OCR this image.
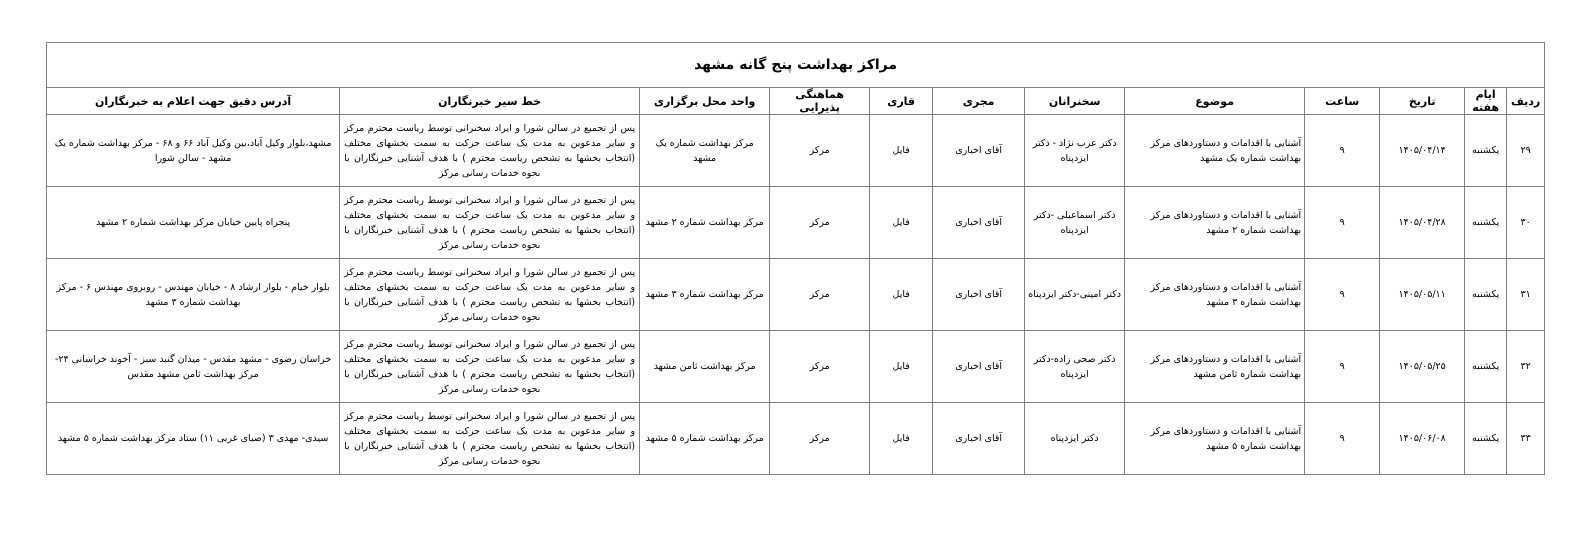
مراکز بهداشت پنج گانه مشهد											
ردیف	ایام هفته	تاریخ	ساعت	موضوع	سخنرانان	مجری	قاری	هماهنگی پذیرایی	واحد محل برگزاری	خط سیر خبرنگاران	آدرس دقیق جهت اعلام به خبرنگاران
۲۹	یکشنبه	۱۴۰۵/۰۴/۱۴	۹	آشنایی با اقدامات و دستاوردهای مرکز بهداشت شماره یک مشهد	دکتر عرب نژاد - دکتر ایزدپناه	آقای اخباری	فایل	مرکز	مرکز بهداشت شماره یک مشهد	پس از تجمیع در سالن شورا و ایراد سخنرانی توسط ریاست محترم مرکز و سایر مدعوین به مدت یک ساعت حرکت به سمت بخشهای مختلف (انتخاب بخشها به تشخص ریاست محترم ) با هدف آشنایی خبرنگاران با نحوه خدمات رسانی مرکز	مشهد،بلوار وکیل آباد،بین وکیل آباد ۶۶ و ۶۸ - مرکز بهداشت شماره یک مشهد - سالن شورا
۳۰	یکشنبه	۱۴۰۵/۰۴/۲۸	۹	آشنایی با اقدامات و دستاوردهای مرکز بهداشت شماره ۲ مشهد	دکتر اسماعیلی -دکتر ایزدپناه	آقای اخباری	فایل	مرکز	مرکز بهداشت شماره ۲ مشهد	پس از تجمیع در سالن شورا و ایراد سخنرانی توسط ریاست محترم مرکز و سایر مدعوین به مدت یک ساعت حرکت به سمت بخشهای مختلف (انتخاب بخشها به تشخص ریاست محترم ) با هدف آشنایی خبرنگاران با نحوه خدمات رسانی مرکز	پنجراه پایین خیابان مرکز بهداشت شماره ۲ مشهد
۳۱	یکشنبه	۱۴۰۵/۰۵/۱۱	۹	آشنایی با اقدامات و دستاوردهای مرکز بهداشت شماره ۳ مشهد	دکتر امینی-دکتر ایزدپناه	آقای اخباری	فایل	مرکز	مرکز بهداشت شماره ۳ مشهد	پس از تجمیع در سالن شورا و ایراد سخنرانی توسط ریاست محترم مرکز و سایر مدعوین به مدت یک ساعت حرکت به سمت بخشهای مختلف (انتخاب بخشها به تشخص ریاست محترم ) با هدف آشنایی خبرنگاران با نحوه خدمات رسانی مرکز	بلوار خیام - بلوار ارشاد ۸ - خیابان مهندس - روبروی مهندس ۶ - مرکز بهداشت شماره ۳ مشهد
۳۲	یکشنبه	۱۴۰۵/۰۵/۲۵	۹	آشنایی با اقدامات و دستاوردهای مرکز بهداشت شماره ثامن مشهد	دکتر صحی زاده-دکتر ایزدپناه	آقای اخباری	فایل	مرکز	مرکز بهداشت ثامن مشهد	پس از تجمیع در سالن شورا و ایراد سخنرانی توسط ریاست محترم مرکز و سایر مدعوین به مدت یک ساعت حرکت به سمت بخشهای مختلف (انتخاب بخشها به تشخص ریاست محترم ) با هدف آشنایی خبرنگاران با نحوه خدمات رسانی مرکز	خراسان رضوی - مشهد مقدس - میدان گنبد سبز - آخوند خراسانی ۲۴- مرکز بهداشت ثامن مشهد مقدس
۳۳	یکشنبه	۱۴۰۵/۰۶/۰۸	۹	آشنایی با اقدامات و دستاوردهای مرکز بهداشت شماره ۵ مشهد	دکتر ایزدپناه	آقای اخباری	فایل	مرکز	مرکز بهداشت شماره ۵ مشهد	پس از تجمیع در سالن شورا و ایراد سخنرانی توسط ریاست محترم مرکز و سایر مدعوین به مدت یک ساعت حرکت به سمت بخشهای مختلف (انتخاب بخشها به تشخص ریاست محترم ) با هدف آشنایی خبرنگاران با نحوه خدمات رسانی مرکز	سیدی- مهدی ۳ (صبای غربی ۱۱) ستاد مرکز بهداشت شماره ۵ مشهد
